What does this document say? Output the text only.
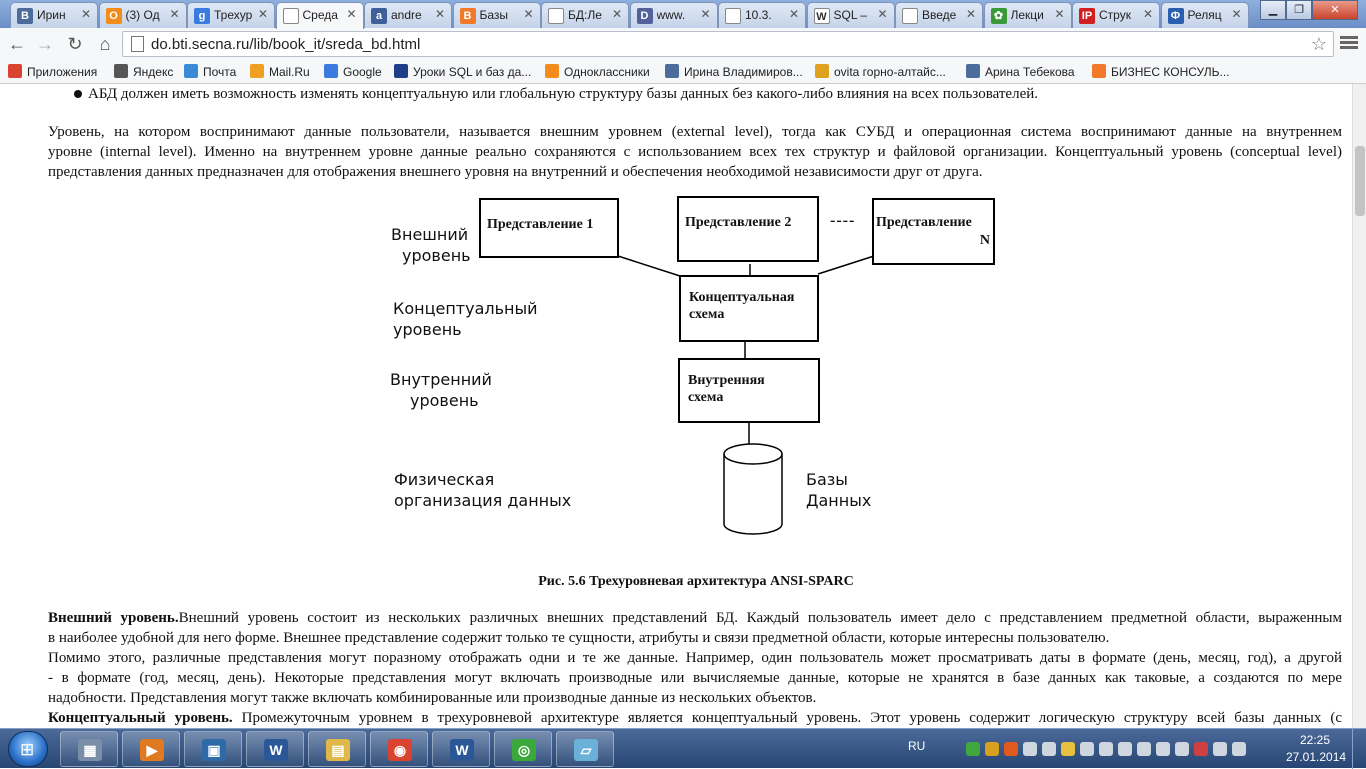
B Ирин	✕	О (3) Од ✕	g Трехур ✕	Среда ✕	a andre	✕	B Базы	✕	БД:Ле ✕	D www.	✕	10.3.	✕ W SQL – ✕	Введе ✕	✿ Лекци ✕ IP Струк ✕ Ф Реляц ✕	▁	❐	✕
← → ↻ ⌂	do.bti.secna.ru/lib/book_it/sreda_bd.html	☆
Приложения	Яндекс	Почта	Mail.Ru	Google	Уроки SQL и баз да...	Одноклассники	Ирина Владимиров...	ovita горно-алтайс...	Арина Тебекова	БИЗНЕС КОНСУЛЬ...
АБД должен иметь возможность изменять концептуальную или глобальную структуру базы данных без какого-либо влияния на всех пользователей.
Уровень, на котором воспринимают данные пользователи, называется внешним уровнем (external level), тогда как СУБД и операционная система воспринимают данные на внутреннем
уровне (internal level). Именно на внутреннем уровне данные реально сохраняются с использованием всех тех структур и файловой организации. Концептуальный уровень (conceptual level)
представления данных предназначен для отображения внешнего уровня на внутренний и обеспечения необходимой независимости друг от друга.
Представление 1	Представление 2 ---- Представление
N
Концептуальная
схема
Внутренняя
схема
Внешний
уровень
Концептуальный
уровень
Внутренний
уровень
Физическая
организация данных
Базы
Данных
Рис. 5.6 Трехуровневая архитектура ANSI-SPARC
Внешний уровень.Внешний уровень состоит из нескольких различных внешних представлений БД. Каждый пользователь имеет дело с представлением предметной области, выраженным
в наиболее удобной для него форме. Внешнее представление содержит только те сущности, атрибуты и связи предметной области, которые интересны пользователю.
Помимо этого, различные представления могут поразному отображать одни и те же данные. Например, один пользователь может просматривать даты в формате (день, месяц, год), а другой
- в формате (год, месяц, день). Некоторые представления могут включать производные или вычисляемые данные, которые не хранятся в базе данных как таковые, а создаются по мере
надобности. Представления могут также включать комбинированные или производные данные из нескольких объектов.
Концептуальный уровень. Промежуточным уровнем в трехуровневой архитектуре является концептуальный уровень. Этот уровень содержит логическую структуру всей базы данных (с
⊞	▦	▶	▣	W	▤	◉	W	◎	▱	RU	22:25
27.01.2014
